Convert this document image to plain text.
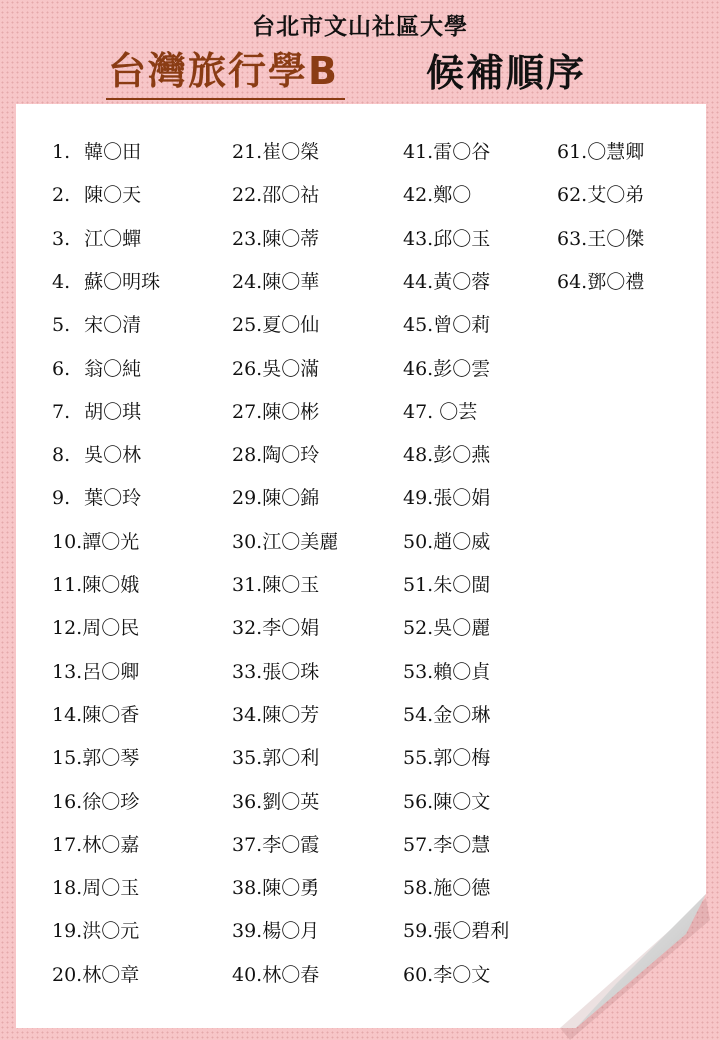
台北市文山社區大學
台灣旅行學B 候補順序
1. 韓〇田
2. 陳〇天
3. 江〇蟬
4. 蘇〇明珠
5. 宋〇清
6. 翁〇純
7. 胡〇琪
8. 吳〇林
9. 葉〇玲
10.譚〇光
11.陳〇娥
12.周〇民
13.呂〇卿
14.陳〇香
15.郭〇琴
16.徐〇珍
17.林〇嘉
18.周〇玉
19.洪〇元
20.林〇章
21.崔〇榮
22.邵〇祜
23.陳〇蒂
24.陳〇華
25.夏〇仙
26.吳〇滿
27.陳〇彬
28.陶〇玲
29.陳〇錦
30.江〇美麗
31.陳〇玉
32.李〇娟
33.張〇珠
34.陳〇芳
35.郭〇利
36.劉〇英
37.李〇霞
38.陳〇勇
39.楊〇月
40.林〇春
41.雷〇谷
42.鄭〇
43.邱〇玉
44.黃〇蓉
45.曾〇莉
46.彭〇雲
47. 〇芸
48.彭〇燕
49.張〇娟
50.趙〇威
51.朱〇閩
52.吳〇麗
53.賴〇貞
54.金〇琳
55.郭〇梅
56.陳〇文
57.李〇慧
58.施〇德
59.張〇碧利
60.李〇文
61.〇慧卿
62.艾〇弟
63.王〇傑
64.鄧〇禮
